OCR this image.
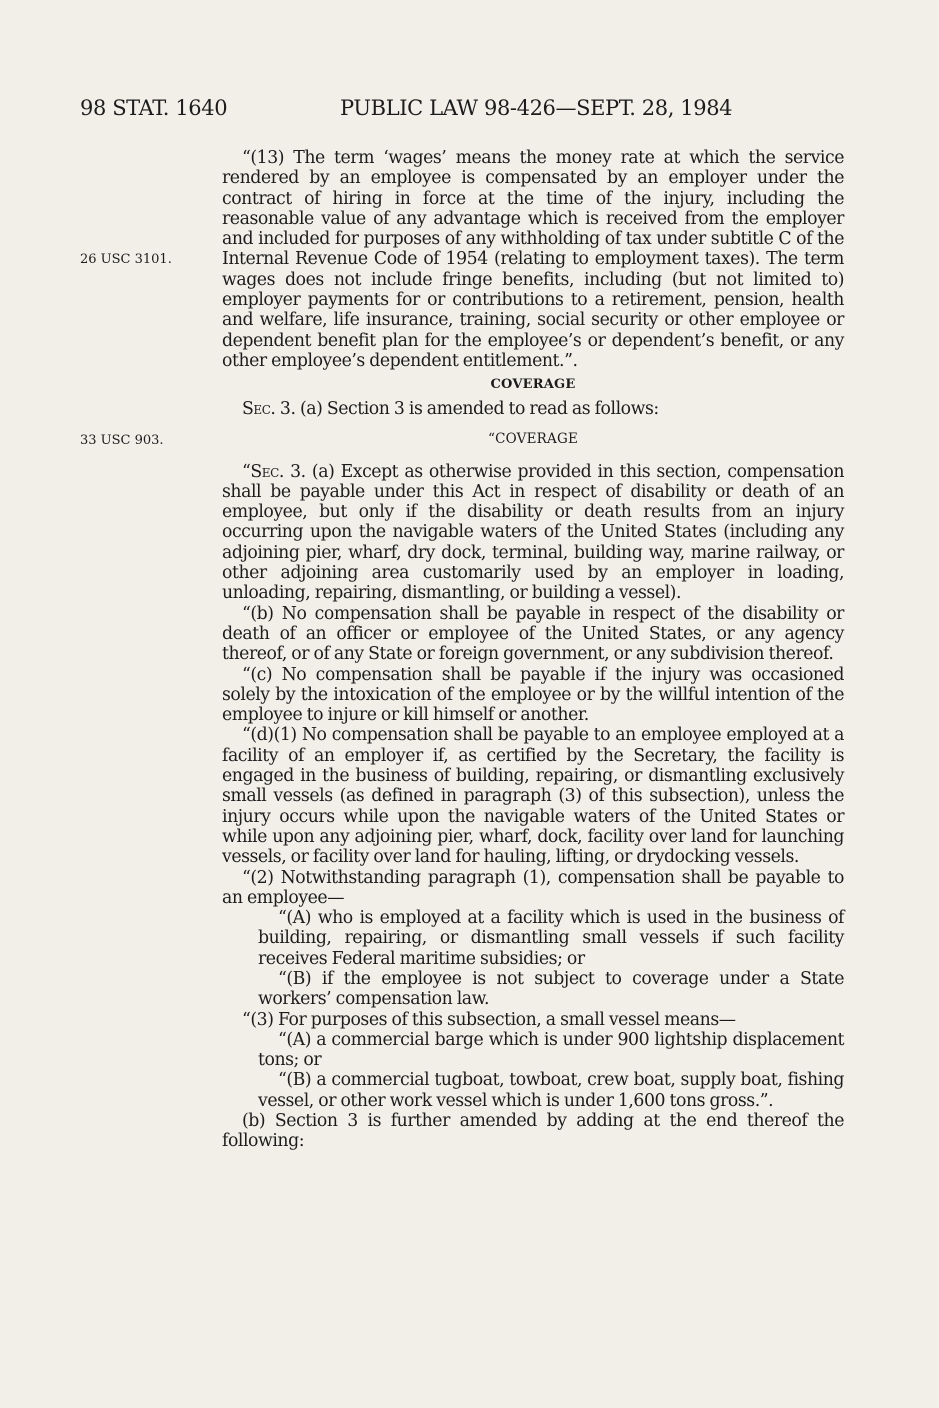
98 STAT. 1640	PUBLIC LAW 98-426—SEPT. 28, 1984
26 USC 3101.
33 USC 903.

“(13) The term ‘wages’ means the money rate at which the service rendered by an employee is compensated by an employer under the contract of hiring in force at the time of the injury, including the reasonable value of any advantage which is received from the employer and included for purposes of any withholding of tax under subtitle C of the Internal Revenue Code of 1954 (relating to employment taxes). The term wages does not include fringe benefits, including (but not limited to) employer payments for or contributions to a retirement, pension, health and welfare, life insurance, training, social security or other employee or dependent benefit plan for the employee’s or dependent’s benefit, or any other employee’s dependent entitlement.”.

COVERAGE

Sec. 3. (a) Section 3 is amended to read as follows:

“COVERAGE

“Sec. 3. (a) Except as otherwise provided in this section, compensation shall be payable under this Act in respect of disability or death of an employee, but only if the disability or death results from an injury occurring upon the navigable waters of the United States (including any adjoining pier, wharf, dry dock, terminal, building way, marine railway, or other adjoining area customarily used by an employer in loading, unloading, repairing, dismantling, or building a vessel).

“(b) No compensation shall be payable in respect of the disability or death of an officer or employee of the United States, or any agency thereof, or of any State or foreign government, or any subdivision thereof.

“(c) No compensation shall be payable if the injury was occasioned solely by the intoxication of the employee or by the willful intention of the employee to injure or kill himself or another.

“(d)(1) No compensation shall be payable to an employee employed at a facility of an employer if, as certified by the Secretary, the facility is engaged in the business of building, repairing, or dismantling exclusively small vessels (as defined in paragraph (3) of this subsection), unless the injury occurs while upon the navigable waters of the United States or while upon any adjoining pier, wharf, dock, facility over land for launching vessels, or facility over land for hauling, lifting, or drydocking vessels.

“(2) Notwithstanding paragraph (1), compensation shall be payable to an employee—

“(A) who is employed at a facility which is used in the business of building, repairing, or dismantling small vessels if such facility receives Federal maritime subsidies; or

“(B) if the employee is not subject to coverage under a State workers’ compensation law.

“(3) For purposes of this subsection, a small vessel means—

“(A) a commercial barge which is under 900 lightship displacement tons; or

“(B) a commercial tugboat, towboat, crew boat, supply boat, fishing vessel, or other work vessel which is under 1,600 tons gross.”.

(b) Section 3 is further amended by adding at the end thereof the following:
